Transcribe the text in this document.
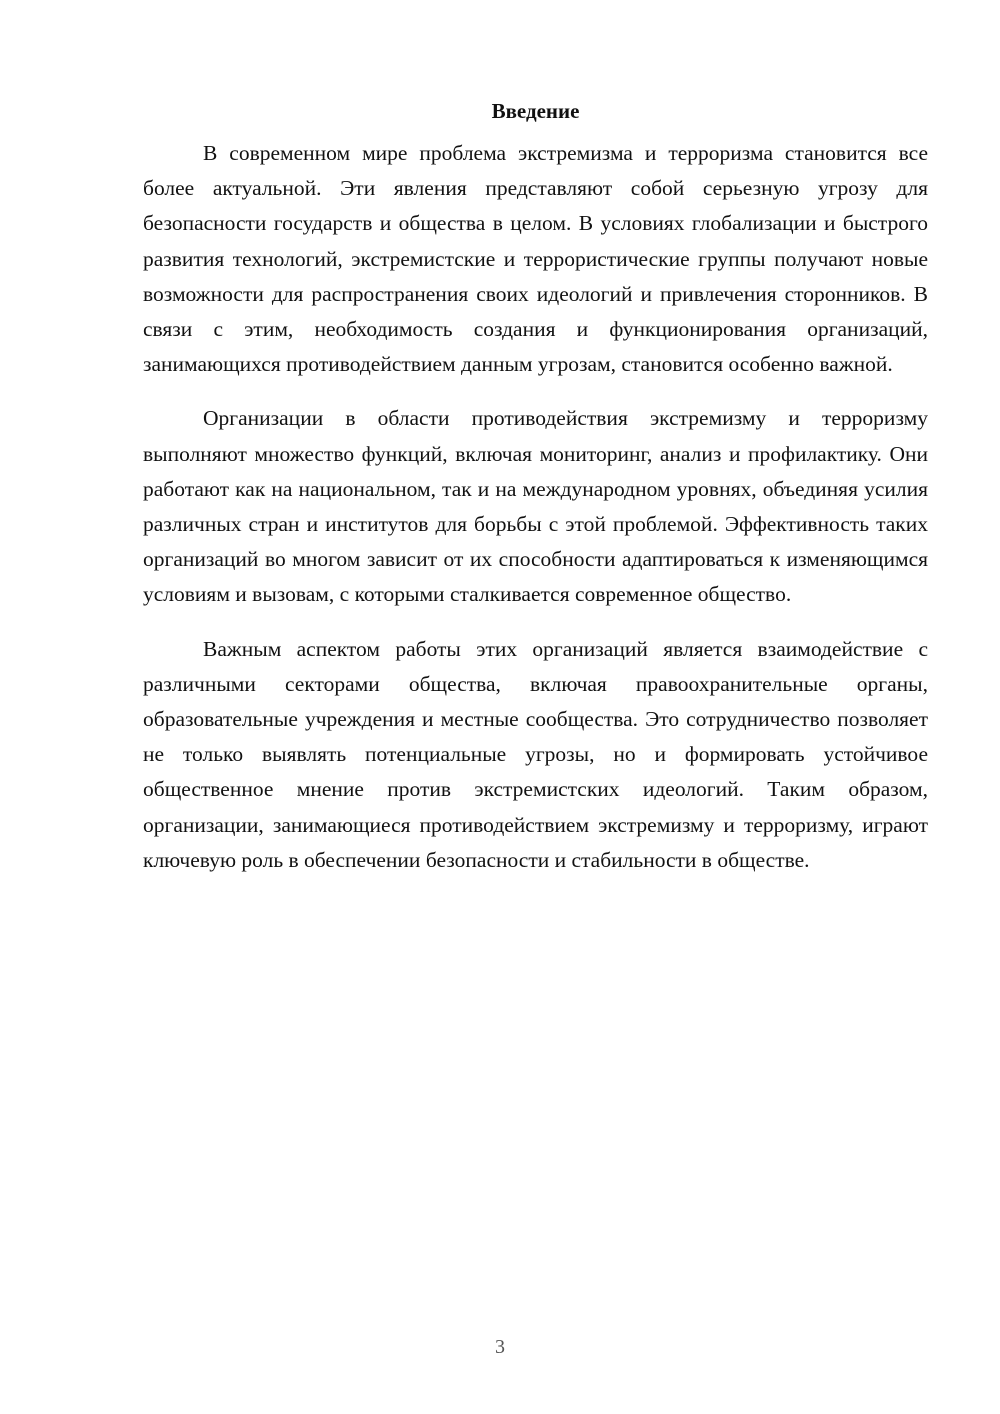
Введение

В современном мире проблема экстремизма и терроризма становится все более актуальной. Эти явления представляют собой серьезную угрозу для безопасности государств и общества в целом. В условиях глобализации и быстрого развития технологий, экстремистские и террористические группы получают новые возможности для распространения своих идеологий и привлечения сторонников. В связи с этим, необходимость создания и функционирования организаций, занимающихся противодействием данным угрозам, становится особенно важной.

Организации в области противодействия экстремизму и терроризму выполняют множество функций, включая мониторинг, анализ и профилактику. Они работают как на национальном, так и на международном уровнях, объединяя усилия различных стран и институтов для борьбы с этой проблемой. Эффективность таких организаций во многом зависит от их способности адаптироваться к изменяющимся условиям и вызовам, с которыми сталкивается современное общество.

Важным аспектом работы этих организаций является взаимодействие с различными секторами общества, включая правоохранительные органы, образовательные учреждения и местные сообщества. Это сотрудничество позволяет не только выявлять потенциальные угрозы, но и формировать устойчивое общественное мнение против экстремистских идеологий. Таким образом, организации, занимающиеся противодействием экстремизму и терроризму, играют ключевую роль в обеспечении безопасности и стабильности в обществе.

3
